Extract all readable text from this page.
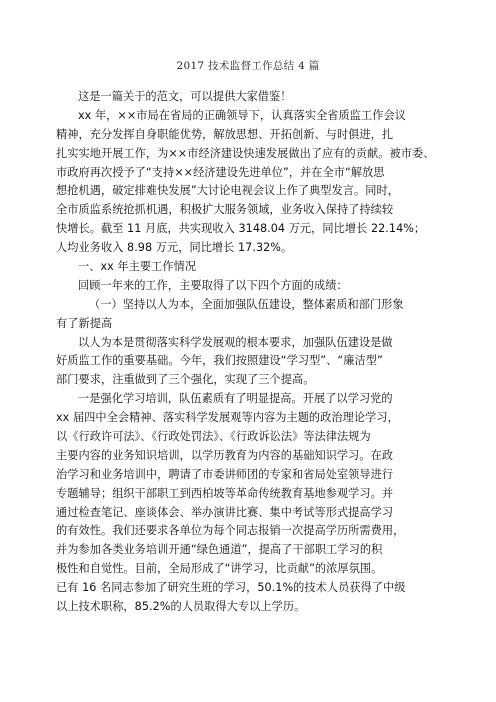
2017 技术监督工作总结 4 篇
这是一篇关于的范文，可以提供大家借鉴！
xx 年，××市局在省局的正确领导下，认真落实全省质监工作会议
精神，充分发挥自身职能优势，解放思想、开拓创新、与时俱进，扎
扎实实地开展工作，为××市经济建设快速发展做出了应有的贡献。被市委、
市政府再次授予了“支持××经济建设先进单位”，并在全市“解放思
想抢机遇，破定排难快发展”大讨论电视会议上作了典型发言。同时，
全市质监系统抢抓机遇，积极扩大服务领域，业务收入保持了持续较
快增长。截至 11 月底，共实现收入 3148.04 万元，同比增长 22.14%；
人均业务收入 8.98 万元，同比增长 17.32%。
一、xx 年主要工作情况
回顾一年来的工作，主要取得了以下四个方面的成绩：
（一）坚持以人为本，全面加强队伍建设，整体素质和部门形象
有了新提高
以人为本是贯彻落实科学发展观的根本要求，加强队伍建设是做
好质监工作的重要基础。今年，我们按照建设“学习型”、“廉洁型”
部门要求，注重做到了三个强化，实现了三个提高。
一是强化学习培训，队伍素质有了明显提高。开展了以学习党的
xx 届四中全会精神、落实科学发展观等内容为主题的政治理论学习，
以《行政许可法》、《行政处罚法》、《行政诉讼法》等法律法规为
主要内容的业务知识培训，以学历教育为内容的基础知识学习。在政
治学习和业务培训中，聘请了市委讲师团的专家和省局处室领导进行
专题辅导；组织干部职工到西柏坡等革命传统教育基地参观学习。并
通过检查笔记、座谈体会、举办演讲比赛、集中考试等形式提高学习
的有效性。我们还要求各单位为每个同志报销一次提高学历所需费用，
并为参加各类业务培训开通“绿色通道”，提高了干部职工学习的积
极性和自觉性。目前，全局形成了“讲学习，比贡献”的浓厚氛围。
已有 16 名同志参加了研究生班的学习，50.1%的技术人员获得了中级
以上技术职称，85.2%的人员取得大专以上学历。
